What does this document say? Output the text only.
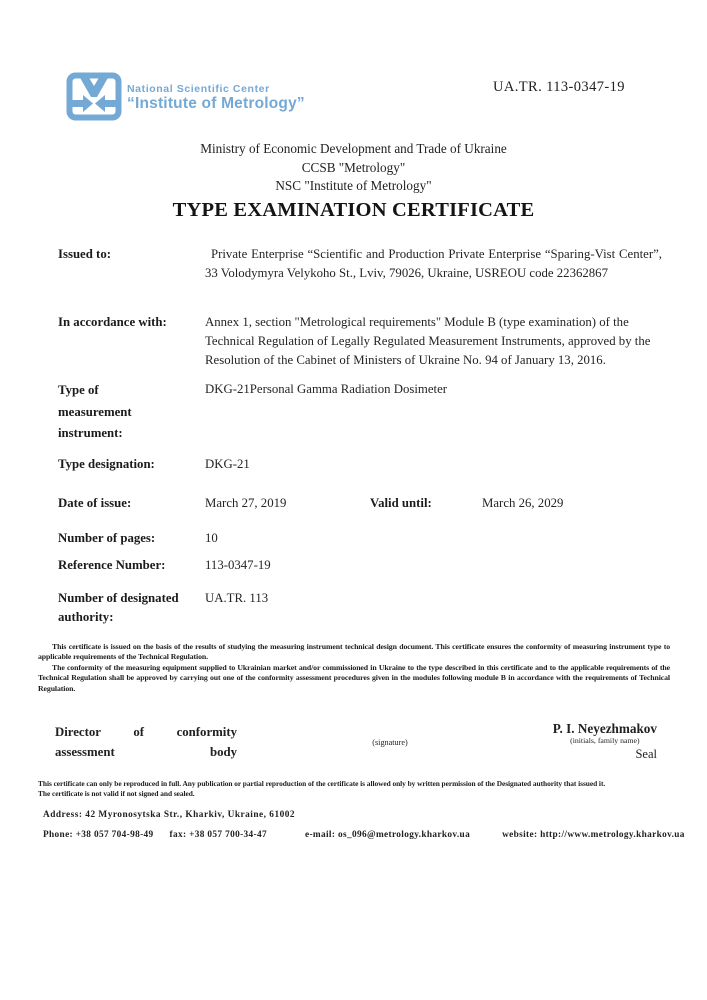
National Scientific Center
“Institute of Metrology”
UA.TR. 113-0347-19
Ministry of Economic Development and Trade of Ukraine
CCSB "Metrology"
NSC "Institute of Metrology"
TYPE EXAMINATION CERTIFICATE
Issued to:	Private Enterprise “Scientific and Production Private Enterprise “Sparing-Vist Center”, 33 Volodymyra Velykoho St., Lviv, 79026, Ukraine, USREOU code 22362867
In accordance with:	Annex 1, section "Metrological requirements" Module B (type examination) of the Technical Regulation of Legally Regulated Measurement Instruments, approved by the Resolution of the Cabinet of Ministers of Ukraine No. 94 of January 13, 2016.
Type of measurement instrument:
DKG-21Personal Gamma Radiation Dosimeter
Type designation:	DKG-21
Date of issue:	March 27, 2019	Valid until:	March 26, 2029
Number of pages:	10
Reference Number:	113-0347-19
Number of designated authority:
UA.TR. 113

This certificate is issued on the basis of the results of studying the measuring instrument technical design document. This certificate ensures the conformity of measuring instrument type to applicable requirements of the Technical Regulation.

The conformity of the measuring equipment supplied to Ukrainian market and/or commissioned in Ukraine to the type described in this certificate and to the applicable requirements of the Technical Regulation shall be approved by carrying out one of the conformity assessment procedures given in the modules following module B in accordance with the requirements of Technical Regulation.

Director of conformity assessment body
(signature)
P. I. Neyezhmakov
(initials, family name)
Seal
This certificate can only be reproduced in full. Any publication or partial reproduction of the certificate is allowed only by written permission of the Designated authority that issued it.
The certificate is not valid if not signed and sealed.
Address: 42 Myronosytska Str., Kharkiv, Ukraine, 61002
Phone: +38 057 704-98-49 fax: +38 057 700-34-47	e-mail: os_096@metrology.kharkov.ua	website: http://www.metrology.kharkov.ua
